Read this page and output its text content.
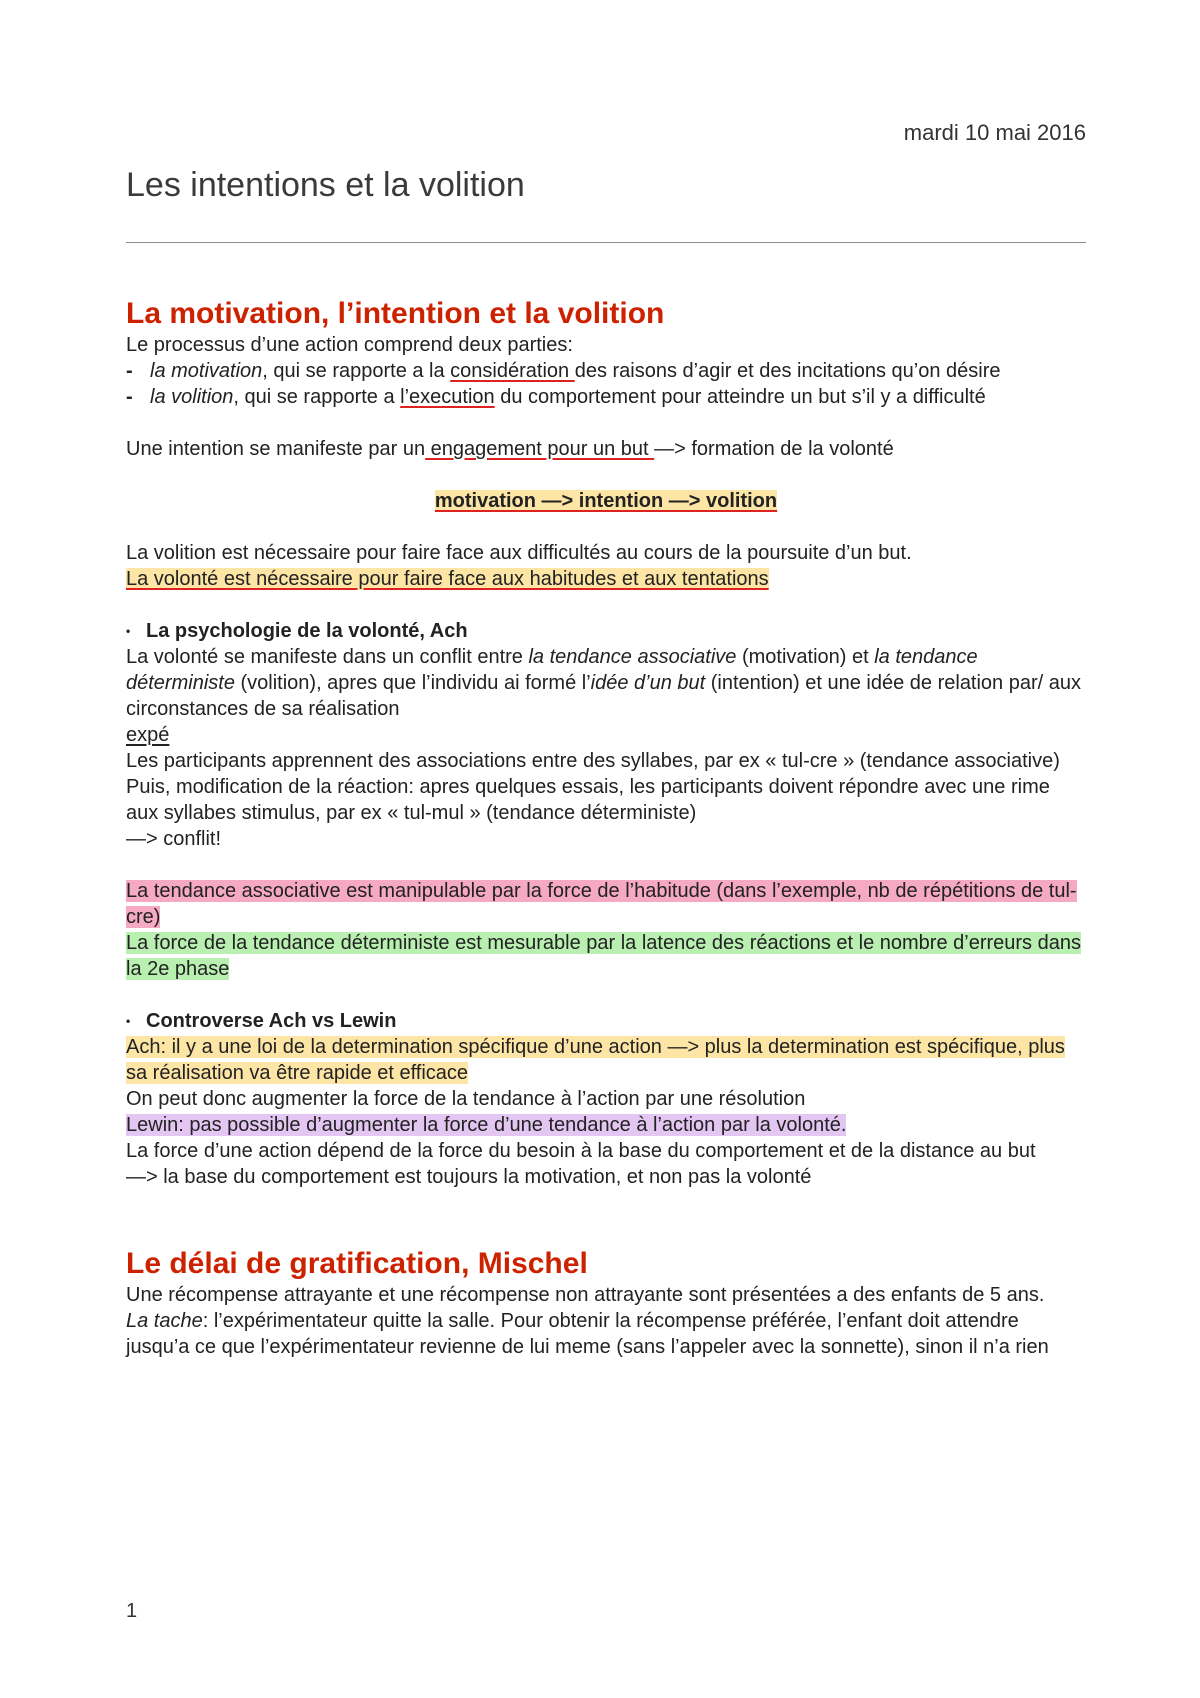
mardi 10 mai 2016
Les intentions et la volition
La motivation, l’intention et la volition

Le processus d’une action comprend deux parties:

- la motivation, qui se rapporte a la considération des raisons d’agir et des incitations qu’on désire
- la volition, qui se rapporte a l’execution du comportement pour atteindre un but s’il y a difficulté

Une intention se manifeste par un engagement pour un but —> formation de la volonté

motivation —> intention —> volition

La volition est nécessaire pour faire face aux difficultés au cours de la poursuite d’un but.

La volonté est nécessaire pour faire face aux habitudes et aux tentations

• La psychologie de la volonté, Ach

La volonté se manifeste dans un conflit entre la tendance associative (motivation) et la tendance déterministe (volition), apres que l’individu ai formé l’idée d’un but (intention) et une idée de relation par/ aux circonstances de sa réalisation

expé

Les participants apprennent des associations entre des syllabes, par ex « tul-cre » (tendance associative)

Puis, modification de la réaction: apres quelques essais, les participants doivent répondre avec une rime aux syllabes stimulus, par ex « tul-mul » (tendance déterministe)

—> conflit!

La tendance associative est manipulable par la force de l’habitude (dans l’exemple, nb de répétitions de tul-cre)

La force de la tendance déterministe est mesurable par la latence des réactions et le nombre d’erreurs dans la 2e phase

• Controverse Ach vs Lewin

Ach: il y a une loi de la determination spécifique d’une action —> plus la determination est spécifique, plus sa réalisation va être rapide et efficace

On peut donc augmenter la force de la tendance à l’action par une résolution

Lewin: pas possible d’augmenter la force d’une tendance à l’action par la volonté.

La force d’une action dépend de la force du besoin à la base du comportement et de la distance au but

—> la base du comportement est toujours la motivation, et non pas la volonté

Le délai de gratification, Mischel

Une récompense attrayante et une récompense non attrayante sont présentées a des enfants de 5 ans.

La tache: l’expérimentateur quitte la salle. Pour obtenir la récompense préférée, l’enfant doit attendre jusqu’a ce que l’expérimentateur revienne de lui meme (sans l’appeler avec la sonnette), sinon il n’a rien

1
